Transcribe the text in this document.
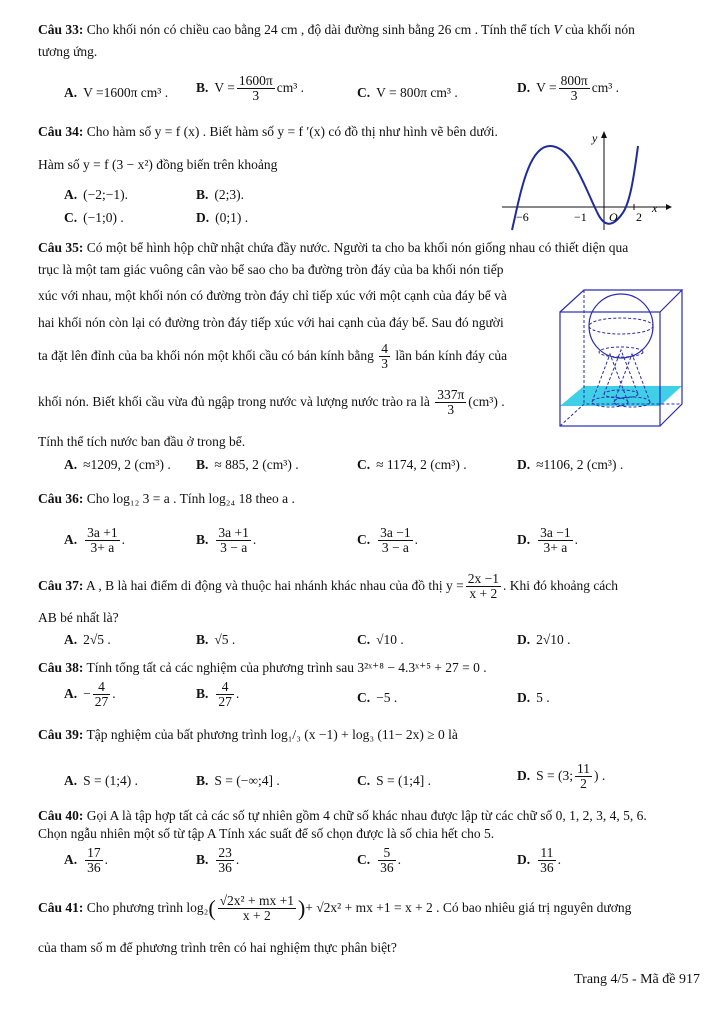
Câu 33: Cho khối nón có chiều cao bằng 24 cm , độ dài đường sinh bằng 26 cm . Tính thể tích V của khối nón
tương ứng.
A. V =1600π cm³ . B. $V = \frac{1600\pi}{3} cm^3$ .	C. V = 800π cm³ .	D. $V = \frac{800\pi}{3} cm^3$ .
Câu 34: Cho hàm số y = f (x) . Biết hàm số y = f ′(x) có đồ thị như hình vẽ bên dưới.
Hàm số y = f (3 − x²) đồng biến trên khoảng
A. (−2;−1).	B. (2;3).
C. (−1;0) .	D. (0;1) .	−6	−1 O 2
x
y
Câu 35: Có một bể hình hộp chữ nhật chứa đầy nước. Người ta cho ba khối nón giống nhau có thiết diện qua
trục là một tam giác vuông cân vào bể sao cho ba đường tròn đáy của ba khối nón tiếp
xúc với nhau, một khối nón có đường tròn đáy chỉ tiếp xúc với một cạnh của đáy bể và
hai khối nón còn lại có đường tròn đáy tiếp xúc với hai cạnh của đáy bể. Sau đó người
ta đặt lên đỉnh của ba khối nón một khối cầu có bán kính bằng $\frac{4}{3}$ lần bán kính đáy của
khối nón. Biết khối cầu vừa đủ ngập trong nước và lượng nước trào ra là $\frac{337\pi}{3} (cm^3)$ .
Tính thể tích nước ban đầu ở trong bể.
A. ≈1209, 2 (cm³) . B. ≈ 885, 2 (cm³) .	C. ≈ 1174, 2 (cm³) .	D. ≈1106, 2 (cm³) .
Câu 36: Cho log₁₂ 3 = a . Tính log₂₄ 18 theo a .
A. $\frac{3a +1}{3+ a}$ .	B. $\frac{3a +1}{3 - a}$ .	C. $\frac{3a -1}{3 - a}$ .	D. $\frac{3a -1}{3+ a}$ .
Câu 37: A , B là hai điểm di động và thuộc hai nhánh khác nhau của đồ thị $y = \frac{2x -1}{x + 2}$ . Khi đó khoảng cách
AB bé nhất là?
A. 2√5 .	B. √5 .	C. √10 .	D. 2√10 .
Câu 38: Tính tổng tất cả các nghiệm của phương trình sau 3²ˣ⁺⁸ − 4.3ˣ⁺⁵ + 27 = 0 .
A. − $\frac{4}{27}$ .	B. $\frac{4}{27}$ .	C. −5 .	D. 5 .
Câu 39: Tập nghiệm của bất phương trình log₁/₃ (x −1) + log₃ (11− 2x) ≥ 0 là
A. S = (1;4) .	B. S = (−∞;4] .	C. S = (1;4] .	D. S = (3; $\frac{11}{2}$ ) .
Câu 40: Gọi A là tập hợp tất cả các số tự nhiên gồm 4 chữ số khác nhau được lập từ các chữ số 0, 1, 2, 3, 4, 5, 6.
Chọn ngẫu nhiên một số từ tập A Tính xác suất để số chọn được là số chia hết cho 5.
A. $\frac{17}{36}$ .	B. $\frac{23}{36}$ .	C. $\frac{5}{36}$ .	D. $\frac{11}{36}$ .
Câu 41: Cho phương trình $\log_2( \frac{\text{√2x² + mx +1}}{x + 2}$ )+ √2x² + mx +1 = x + 2 . Có bao nhiêu giá trị nguyên dương
của tham số m để phương trình trên có hai nghiệm thực phân biệt?
Trang 4/5 - Mã đề 917
